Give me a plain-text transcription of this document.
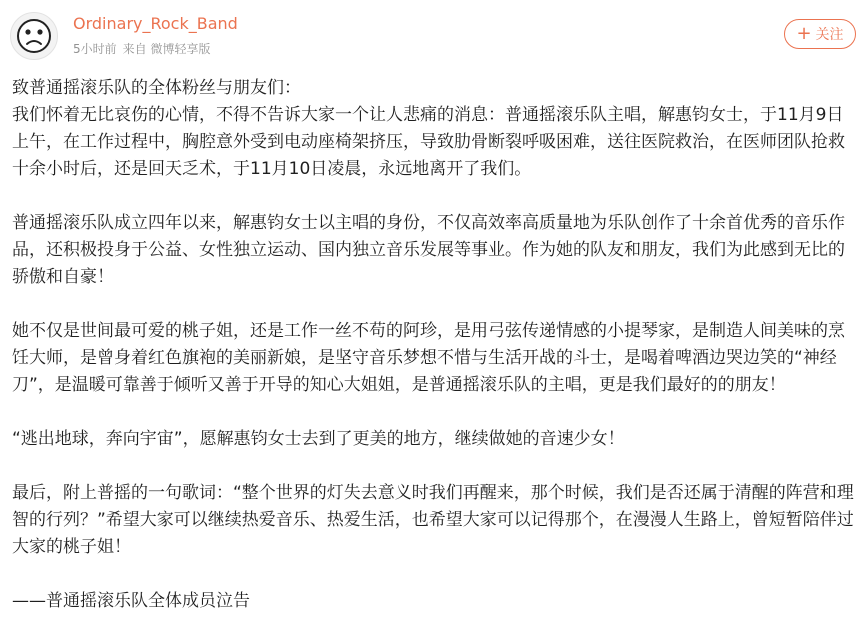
Ordinary_Rock_Band
5小时前 来自 微博轻享版
+ 关注

致普通摇滚乐队的全体粉丝与朋友们：

我们怀着无比哀伤的心情，不得不告诉大家一个让人悲痛的消息：普通摇滚乐队主唱，解惠钧女士，于11月9日上午，在工作过程中，胸腔意外受到电动座椅架挤压，导致肋骨断裂呼吸困难，送往医院救治，在医师团队抢救十余小时后，还是回天乏术，于11月10日凌晨，永远地离开了我们。

普通摇滚乐队成立四年以来，解惠钧女士以主唱的身份，不仅高效率高质量地为乐队创作了十余首优秀的音乐作品，还积极投身于公益、女性独立运动、国内独立音乐发展等事业。作为她的队友和朋友，我们为此感到无比的骄傲和自豪！

她不仅是世间最可爱的桃子姐，还是工作一丝不苟的阿珍，是用弓弦传递情感的小提琴家，是制造人间美味的烹饪大师，是曾身着红色旗袍的美丽新娘，是坚守音乐梦想不惜与生活开战的斗士，是喝着啤酒边哭边笑的“神经刀”，是温暖可靠善于倾听又善于开导的知心大姐姐，是普通摇滚乐队的主唱，更是我们最好的的朋友！

“逃出地球，奔向宇宙”，愿解惠钧女士去到了更美的地方，继续做她的音速少女！

最后，附上普摇的一句歌词：“整个世界的灯失去意义时我们再醒来，那个时候，我们是否还属于清醒的阵营和理智的行列？”希望大家可以继续热爱音乐、热爱生活，也希望大家可以记得那个，在漫漫人生路上，曾短暂陪伴过大家的桃子姐！

——普通摇滚乐队全体成员泣告
